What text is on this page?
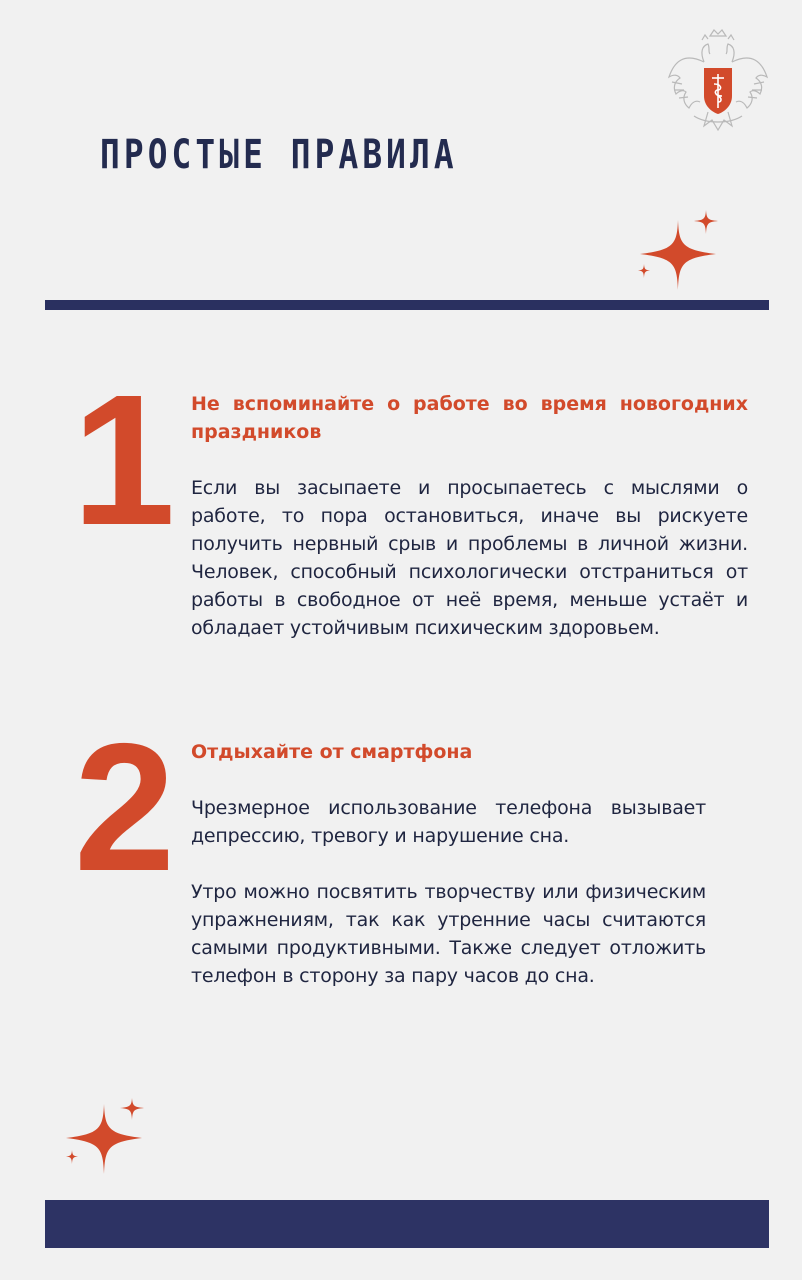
ПРОСТЫЕ ПРАВИЛА
1 Не вспоминайте о работе во время новогодних праздников

Если вы засыпаете и просыпаетесь с мыслями о работе, то пора остановиться, иначе вы рискуете получить нервный срыв и проблемы в личной жизни. Человек, способный психологически отстраниться от работы в свободное от неё время, меньше устаёт и обладает устойчивым психическим здоровьем.

2 Отдыхайте от смартфона

Чрезмерное использование телефона вызывает депрессию, тревогу и нарушение сна.

Утро можно посвятить творчеству или физическим упражнениям, так как утренние часы считаются самыми продуктивными. Также следует отложить телефон в сторону за пару часов до сна.
